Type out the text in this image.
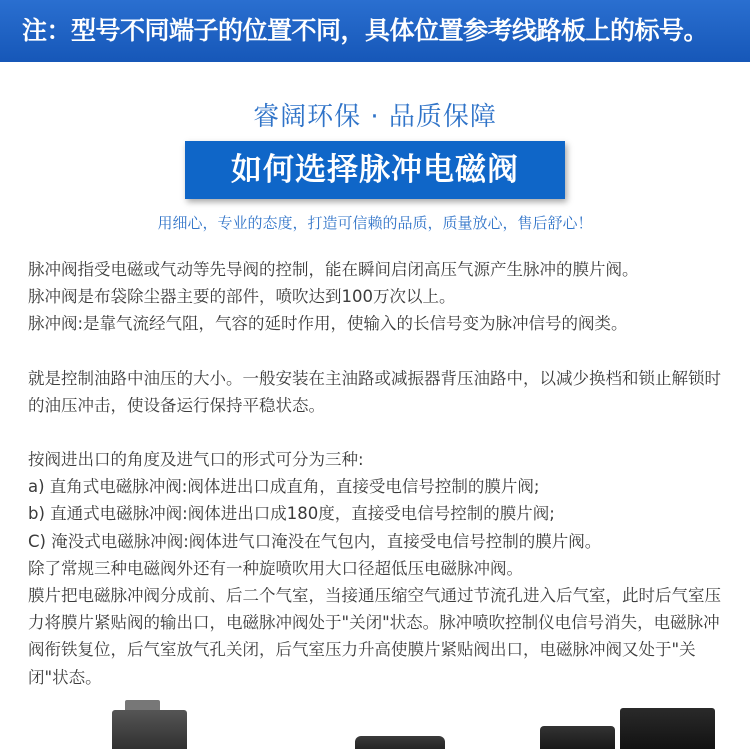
注：型号不同端子的位置不同，具体位置参考线路板上的标号。
睿阔环保 · 品质保障
如何选择脉冲电磁阀
用细心，专业的态度，打造可信赖的品质，质量放心，售后舒心！

脉冲阀指受电磁或气动等先导阀的控制，能在瞬间启闭高压气源产生脉冲的膜片阀。

脉冲阀是布袋除尘器主要的部件，喷吹达到100万次以上。

脉冲阀:是靠气流经气阻，气容的延时作用，使输入的长信号变为脉冲信号的阀类。

就是控制油路中油压的大小。一般安装在主油路或减振器背压油路中，以减少换档和锁止解锁时的油压冲击，使设备运行保持平稳状态。

按阀进出口的角度及进气口的形式可分为三种:

a) 直角式电磁脉冲阀:阀体进出口成直角，直接受电信号控制的膜片阀;

b) 直通式电磁脉冲阀:阀体进出口成180度，直接受电信号控制的膜片阀;

C) 淹没式电磁脉冲阀:阀体进气口淹没在气包内，直接受电信号控制的膜片阀。

除了常规三种电磁阀外还有一种旋喷吹用大口径超低压电磁脉冲阀。

膜片把电磁脉冲阀分成前、后二个气室，当接通压缩空气通过节流孔进入后气室，此时后气室压力将膜片紧贴阀的输出口，电磁脉冲阀处于"关闭"状态。脉冲喷吹控制仪电信号消失，电磁脉冲阀衔铁复位，后气室放气孔关闭，后气室压力升高使膜片紧贴阀出口，电磁脉冲阀又处于"关闭"状态。
